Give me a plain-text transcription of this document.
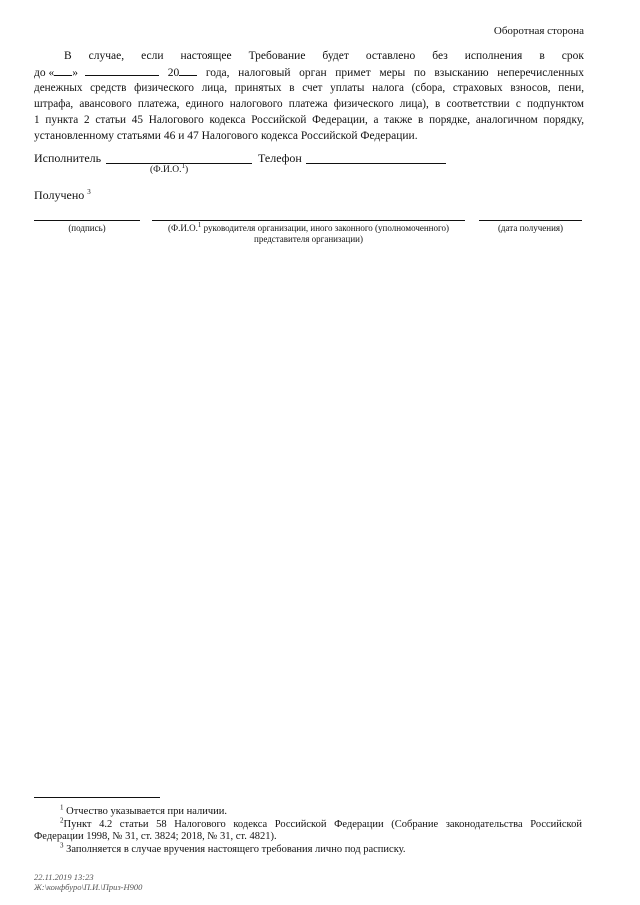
Оборотная сторона
В случае, если настоящее Требование будет оставлено без исполнения в срок
до « »	20	года, налоговый орган примет меры по взысканию неперечисленных
денежных средств физического лица, принятых в счет уплаты налога (сбора, страховых взносов, пени,
штрафа, авансового платежа, единого налогового платежа физического лица), в соответствии с подпунктом
1 пункта 2 статьи 45 Налогового кодекса Российской Федерации, а также в порядке, аналогичном порядку,
установленному статьями 46 и 47 Налогового кодекса Российской Федерации.
Исполнитель
(Ф.И.О.$^1$)
Телефон
Получено $^3$
(подпись)	(Ф.И.О.$^1$ руководителя организации, иного законного (уполномоченного)
представителя организации)
(дата получения)
$^1$ Отчество указывается при наличии.
$^2$Пункт 4.2 статьи 58 Налогового кодекса Российской Федерации (Собрание законодательства Российской
Федерации 1998, № 31, ст. 3824; 2018, № 31, ст. 4821).
$^3$ Заполняется в случае вручения настоящего требования лично под расписку.
22.11.2019 13:23
Ж:\конфбуро\П.И.\Приз-Н900
